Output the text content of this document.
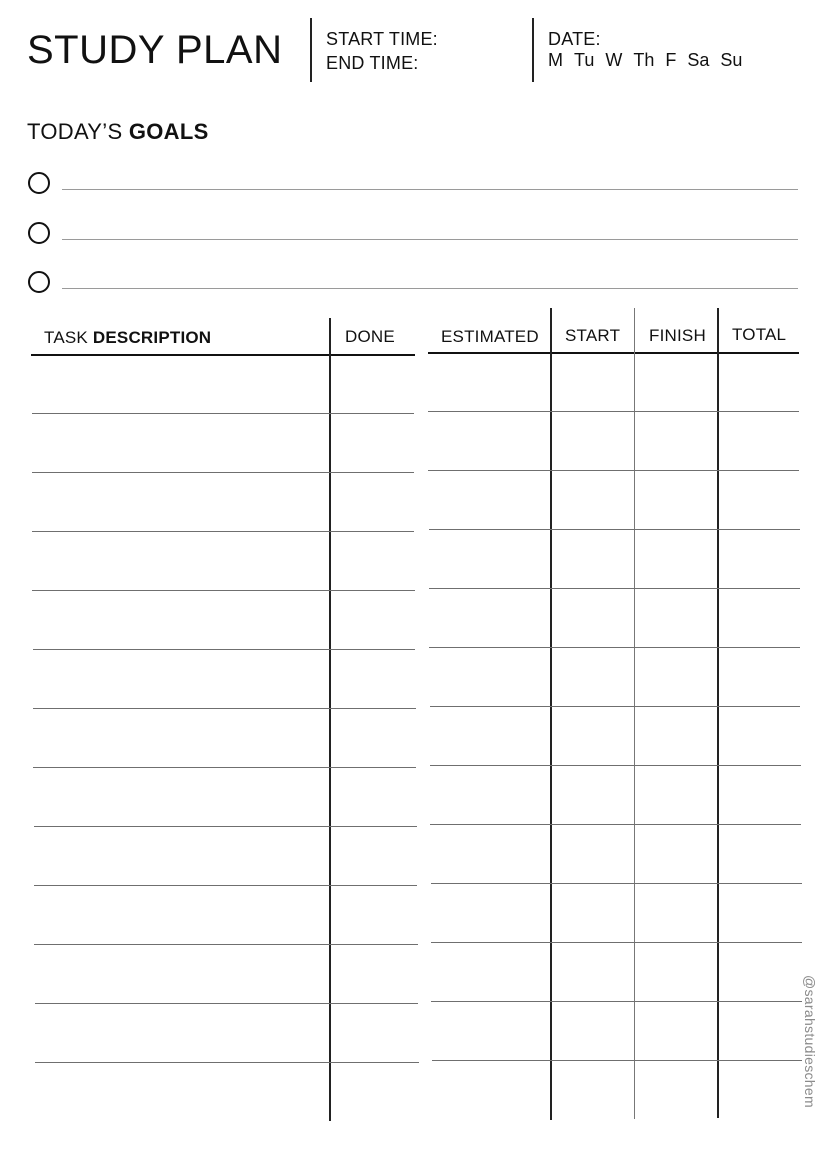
STUDY PLAN START TIME:
END TIME:
DATE:
M Tu W Th F Sa Su
TODAY’S GOALS
TASK DESCRIPTION	DONE	ESTIMATED START FINISH TOTAL
@sarahstudieschem
